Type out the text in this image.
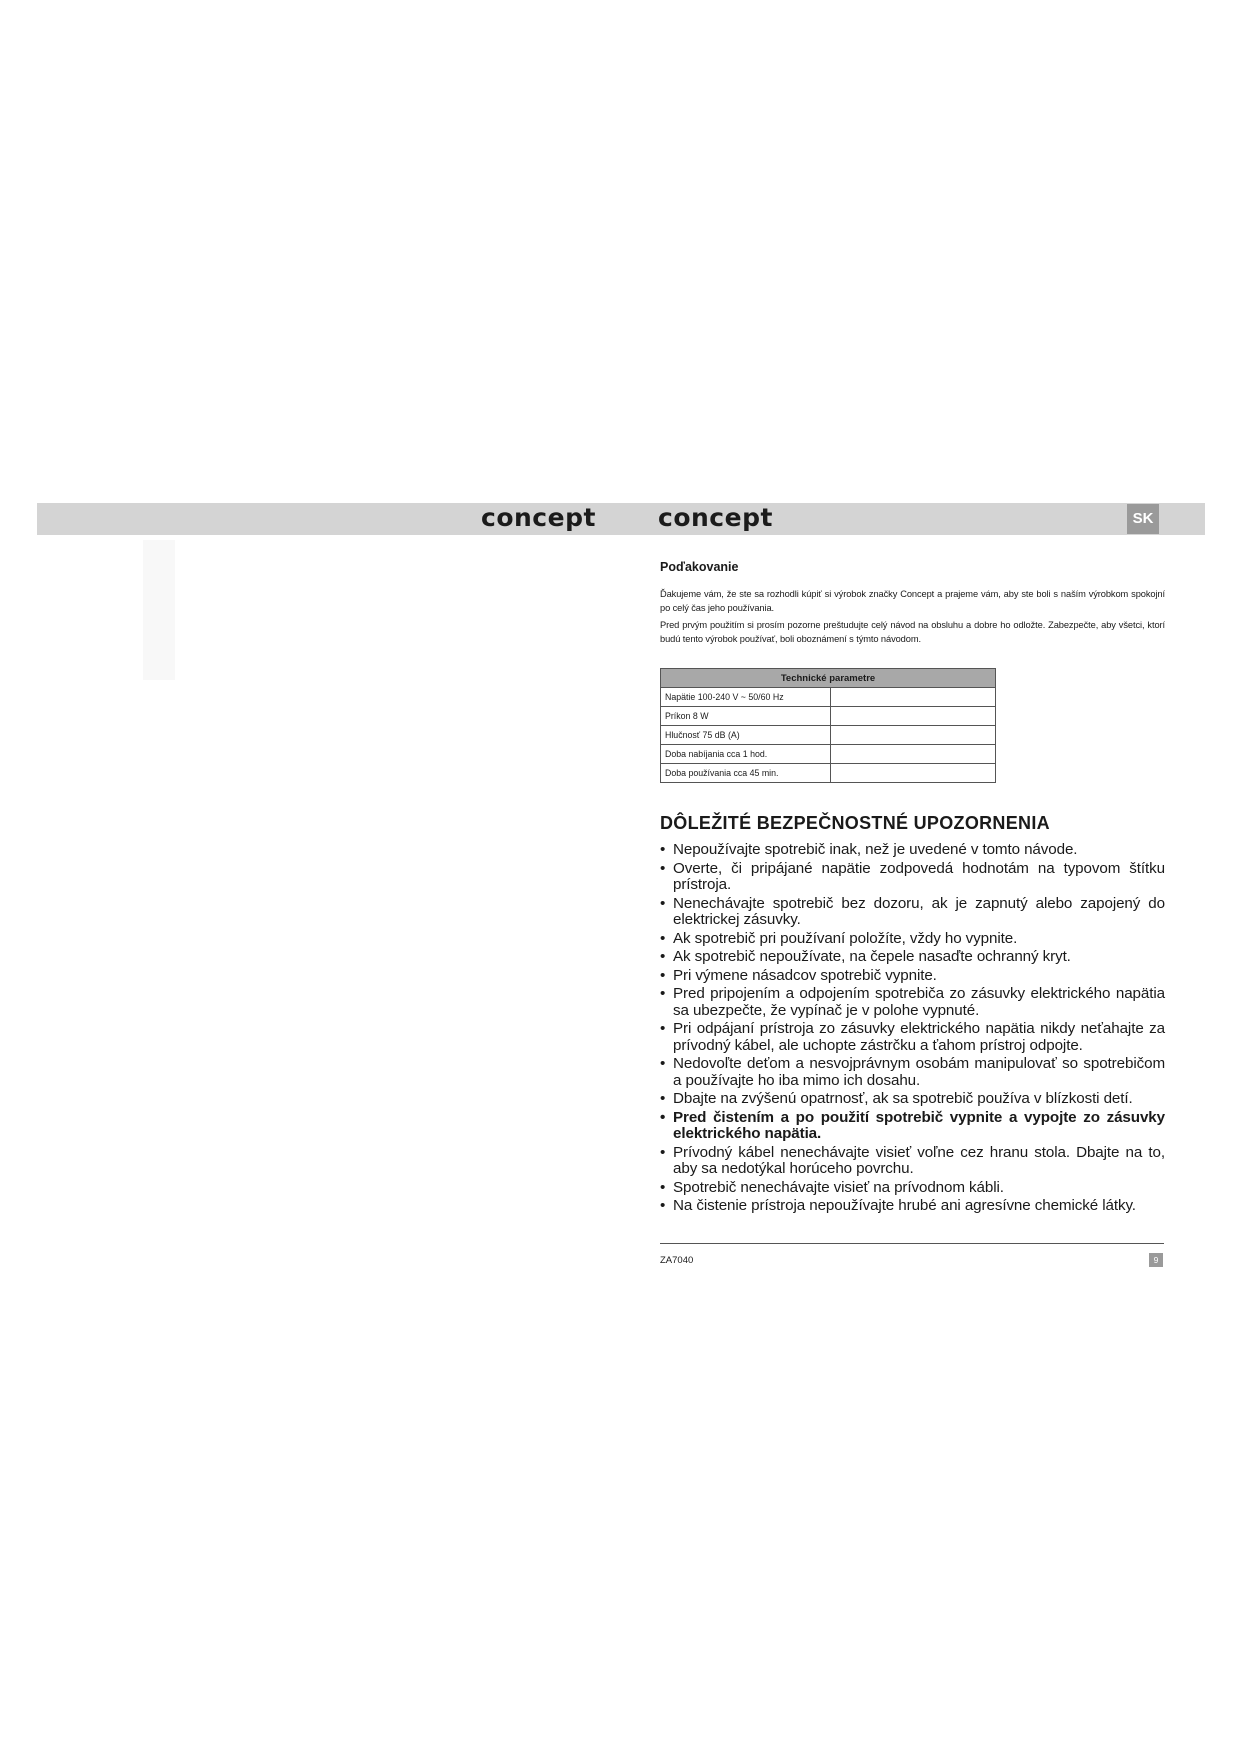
concept concept	SK
Poďakovanie

Ďakujeme vám, že ste sa rozhodli kúpiť si výrobok značky Concept a prajeme vám, aby ste boli s naším výrobkom spokojní po celý čas jeho používania.

Pred prvým použitím si prosím pozorne preštudujte celý návod na obsluhu a dobre ho odložte. Zabezpečte, aby všetci, ktorí budú tento výrobok používať, boli oboznámení s týmto návodom.

Technické parametre	
Napätie 100-240 V ~ 50/60 Hz	
Príkon 8 W	
Hlučnosť 75 dB (A)	
Doba nabíjania cca 1 hod.	
Doba používania cca 45 min.	
DÔLEŽITÉ BEZPEČNOSTNÉ UPOZORNENIA
• Nepoužívajte spotrebič inak, než je uvedené v tomto návode.
• Overte, či pripájané napätie zodpovedá hodnotám na typovom štítku prístroja.
• Nenechávajte spotrebič bez dozoru, ak je zapnutý alebo zapojený do elektrickej zásuvky.
• Ak spotrebič pri používaní položíte, vždy ho vypnite.
• Ak spotrebič nepoužívate, na čepele nasaďte ochranný kryt.
• Pri výmene násadcov spotrebič vypnite.
• Pred pripojením a odpojením spotrebiča zo zásuvky elektrického napätia sa ubezpečte, že vypínač je v polohe vypnuté.
• Pri odpájaní prístroja zo zásuvky elektrického napätia nikdy neťahajte za prívodný kábel, ale uchopte zástrčku a ťahom prístroj odpojte.
• Nedovoľte deťom a nesvojprávnym osobám manipulovať so spotrebičom a používajte ho iba mimo ich dosahu.
• Dbajte na zvýšenú opatrnosť, ak sa spotrebič používa v blízkosti detí.
• Pred čistením a po použití spotrebič vypnite a vypojte zo zásuvky elektrického napätia.
• Prívodný kábel nenechávajte visieť voľne cez hranu stola. Dbajte na to, aby sa nedotýkal horúceho povrchu.
• Spotrebič nenechávajte visieť na prívodnom kábli.
• Na čistenie prístroja nepoužívajte hrubé ani agresívne chemické látky.
ZA7040	9
